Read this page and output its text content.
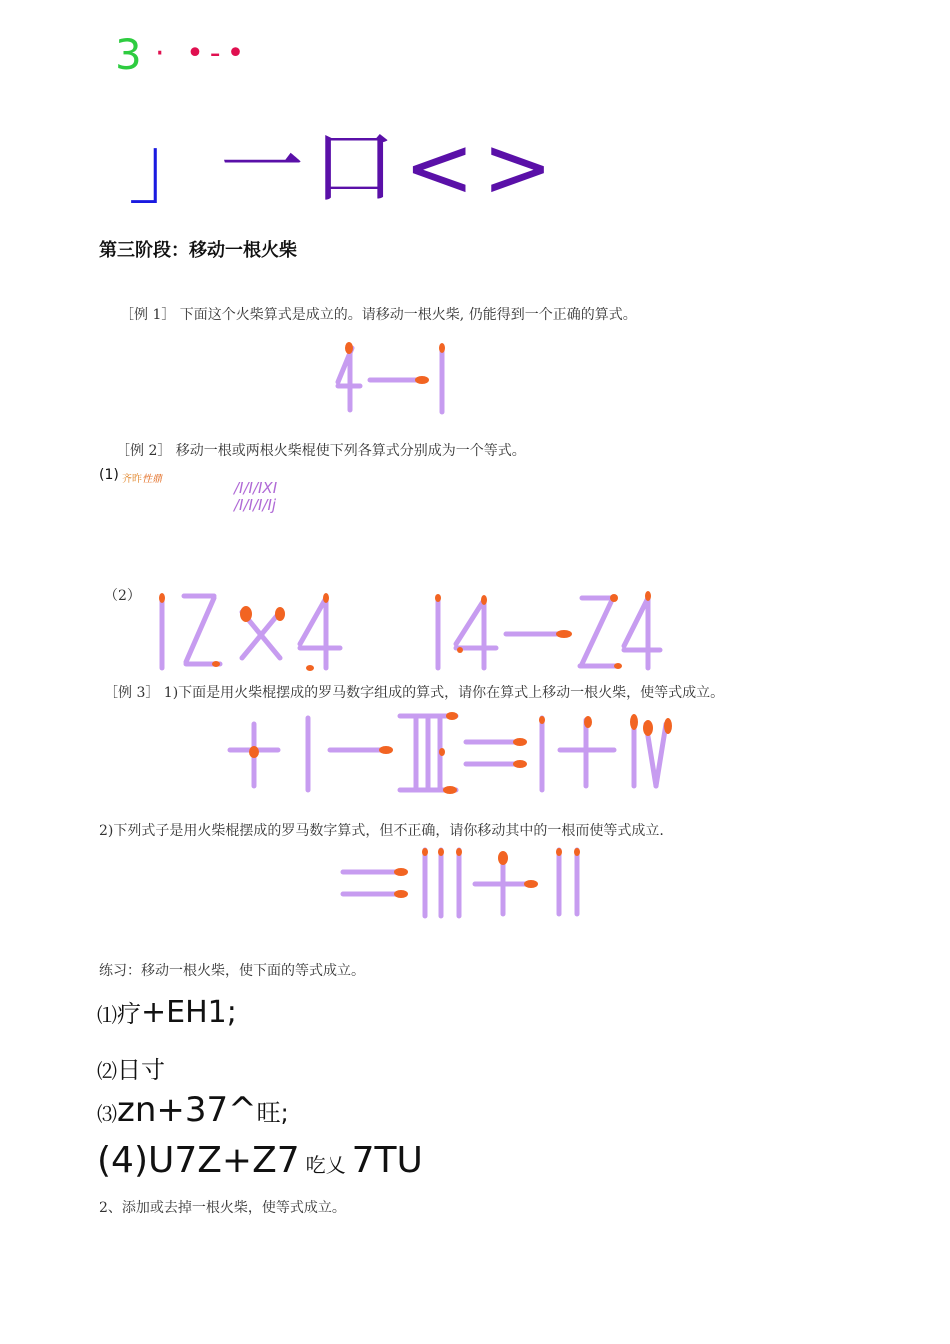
3 · •-•
」一口<>
第三阶段：移动一根火柴
［例 1］ 下面这个火柴算式是成立的。请移动一根火柴, 仍能得到一个正确的算式。
［例 2］ 移动一根或两根火柴棍使下列各算式分别成为一个等式。
(1) 齐昨性鼎	/I/I/IXI
/I/I/I/Ij
（2）
［例 3］ 1)下面是用火柴棍摆成的罗马数字组成的算式，请你在算式上移动一根火柴，使等式成立。
2)下列式子是用火柴棍摆成的罗马数字算式，但不正确，请你移动其中的一根而使等式成立.
练习：移动一根火柴，使下面的等式成立。
⑴疗+EH1;
⑵日寸
⑶zn+37^旺;
(4)U7Z+Z7 吃乂 7TU
2、添加或去掉一根火柴，使等式成立。
